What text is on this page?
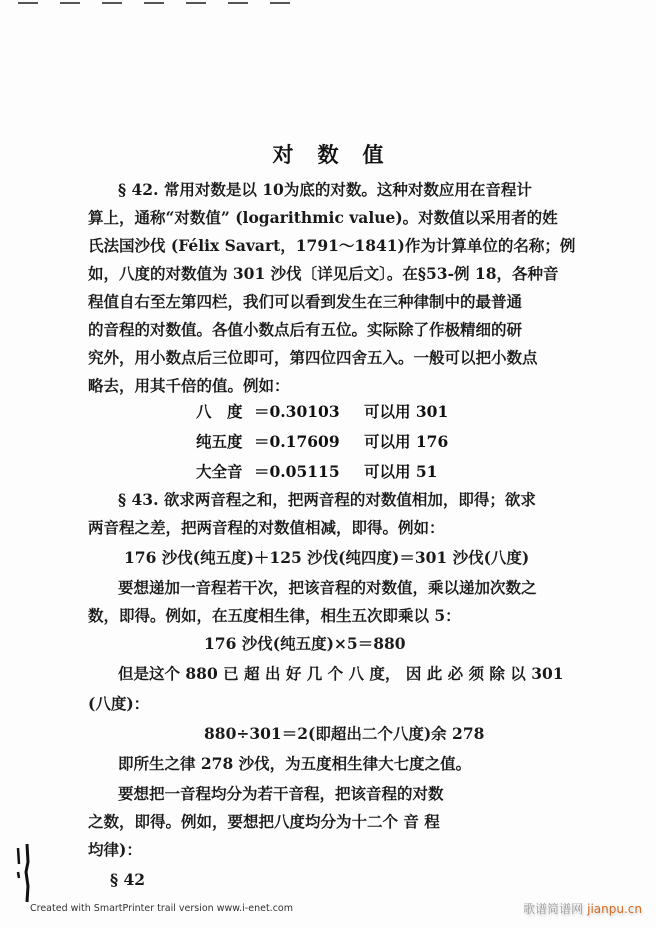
对数值
§ 42. 常用对数是以 10为底的对数。这种对数应用在音程计
算上，通称“对数值” (logarithmic value)。对数值以采用者的姓
氏法国沙伐 (Félix Savart，1791～1841)作为计算单位的名称；例
如，八度的对数值为 301 沙伐〔详见后文〕。在§53-例 18，各种音
程值自右至左第四栏，我们可以看到发生在三种律制中的最普通
的音程的对数值。各值小数点后有五位。实际除了作极精细的研
究外，用小数点后三位即可，第四位四舍五入。一般可以把小数点
略去，用其千倍的值。例如：
八　度 ＝0.30103 可以用 301
纯五度 ＝0.17609 可以用 176
大全音 ＝0.05115 可以用 51
§ 43. 欲求两音程之和，把两音程的对数值相加，即得；欲求
两音程之差，把两音程的对数值相减，即得。例如：
176 沙伐(纯五度)＋125 沙伐(纯四度)＝301 沙伐(八度)
要想递加一音程若干次，把该音程的对数值，乘以递加次数之
数，即得。例如，在五度相生律，相生五次即乘以 5：
176 沙伐(纯五度)×5＝880
但是这个 880 已 超 出 好 几 个 八 度， 因 此 必 须 除 以 301
(八度)：
880÷301＝2(即超出二个八度)余 278
即所生之律 278 沙伐，为五度相生律大七度之值。
要想把一音程均分为若干音程，把该音程的对数
之数，即得。例如，要想把八度均分为十二个 音 程
均律)：
§ 42
Created with SmartPrinter trail version www.i-enet.com	歌谱简谱网 jianpu.cn
